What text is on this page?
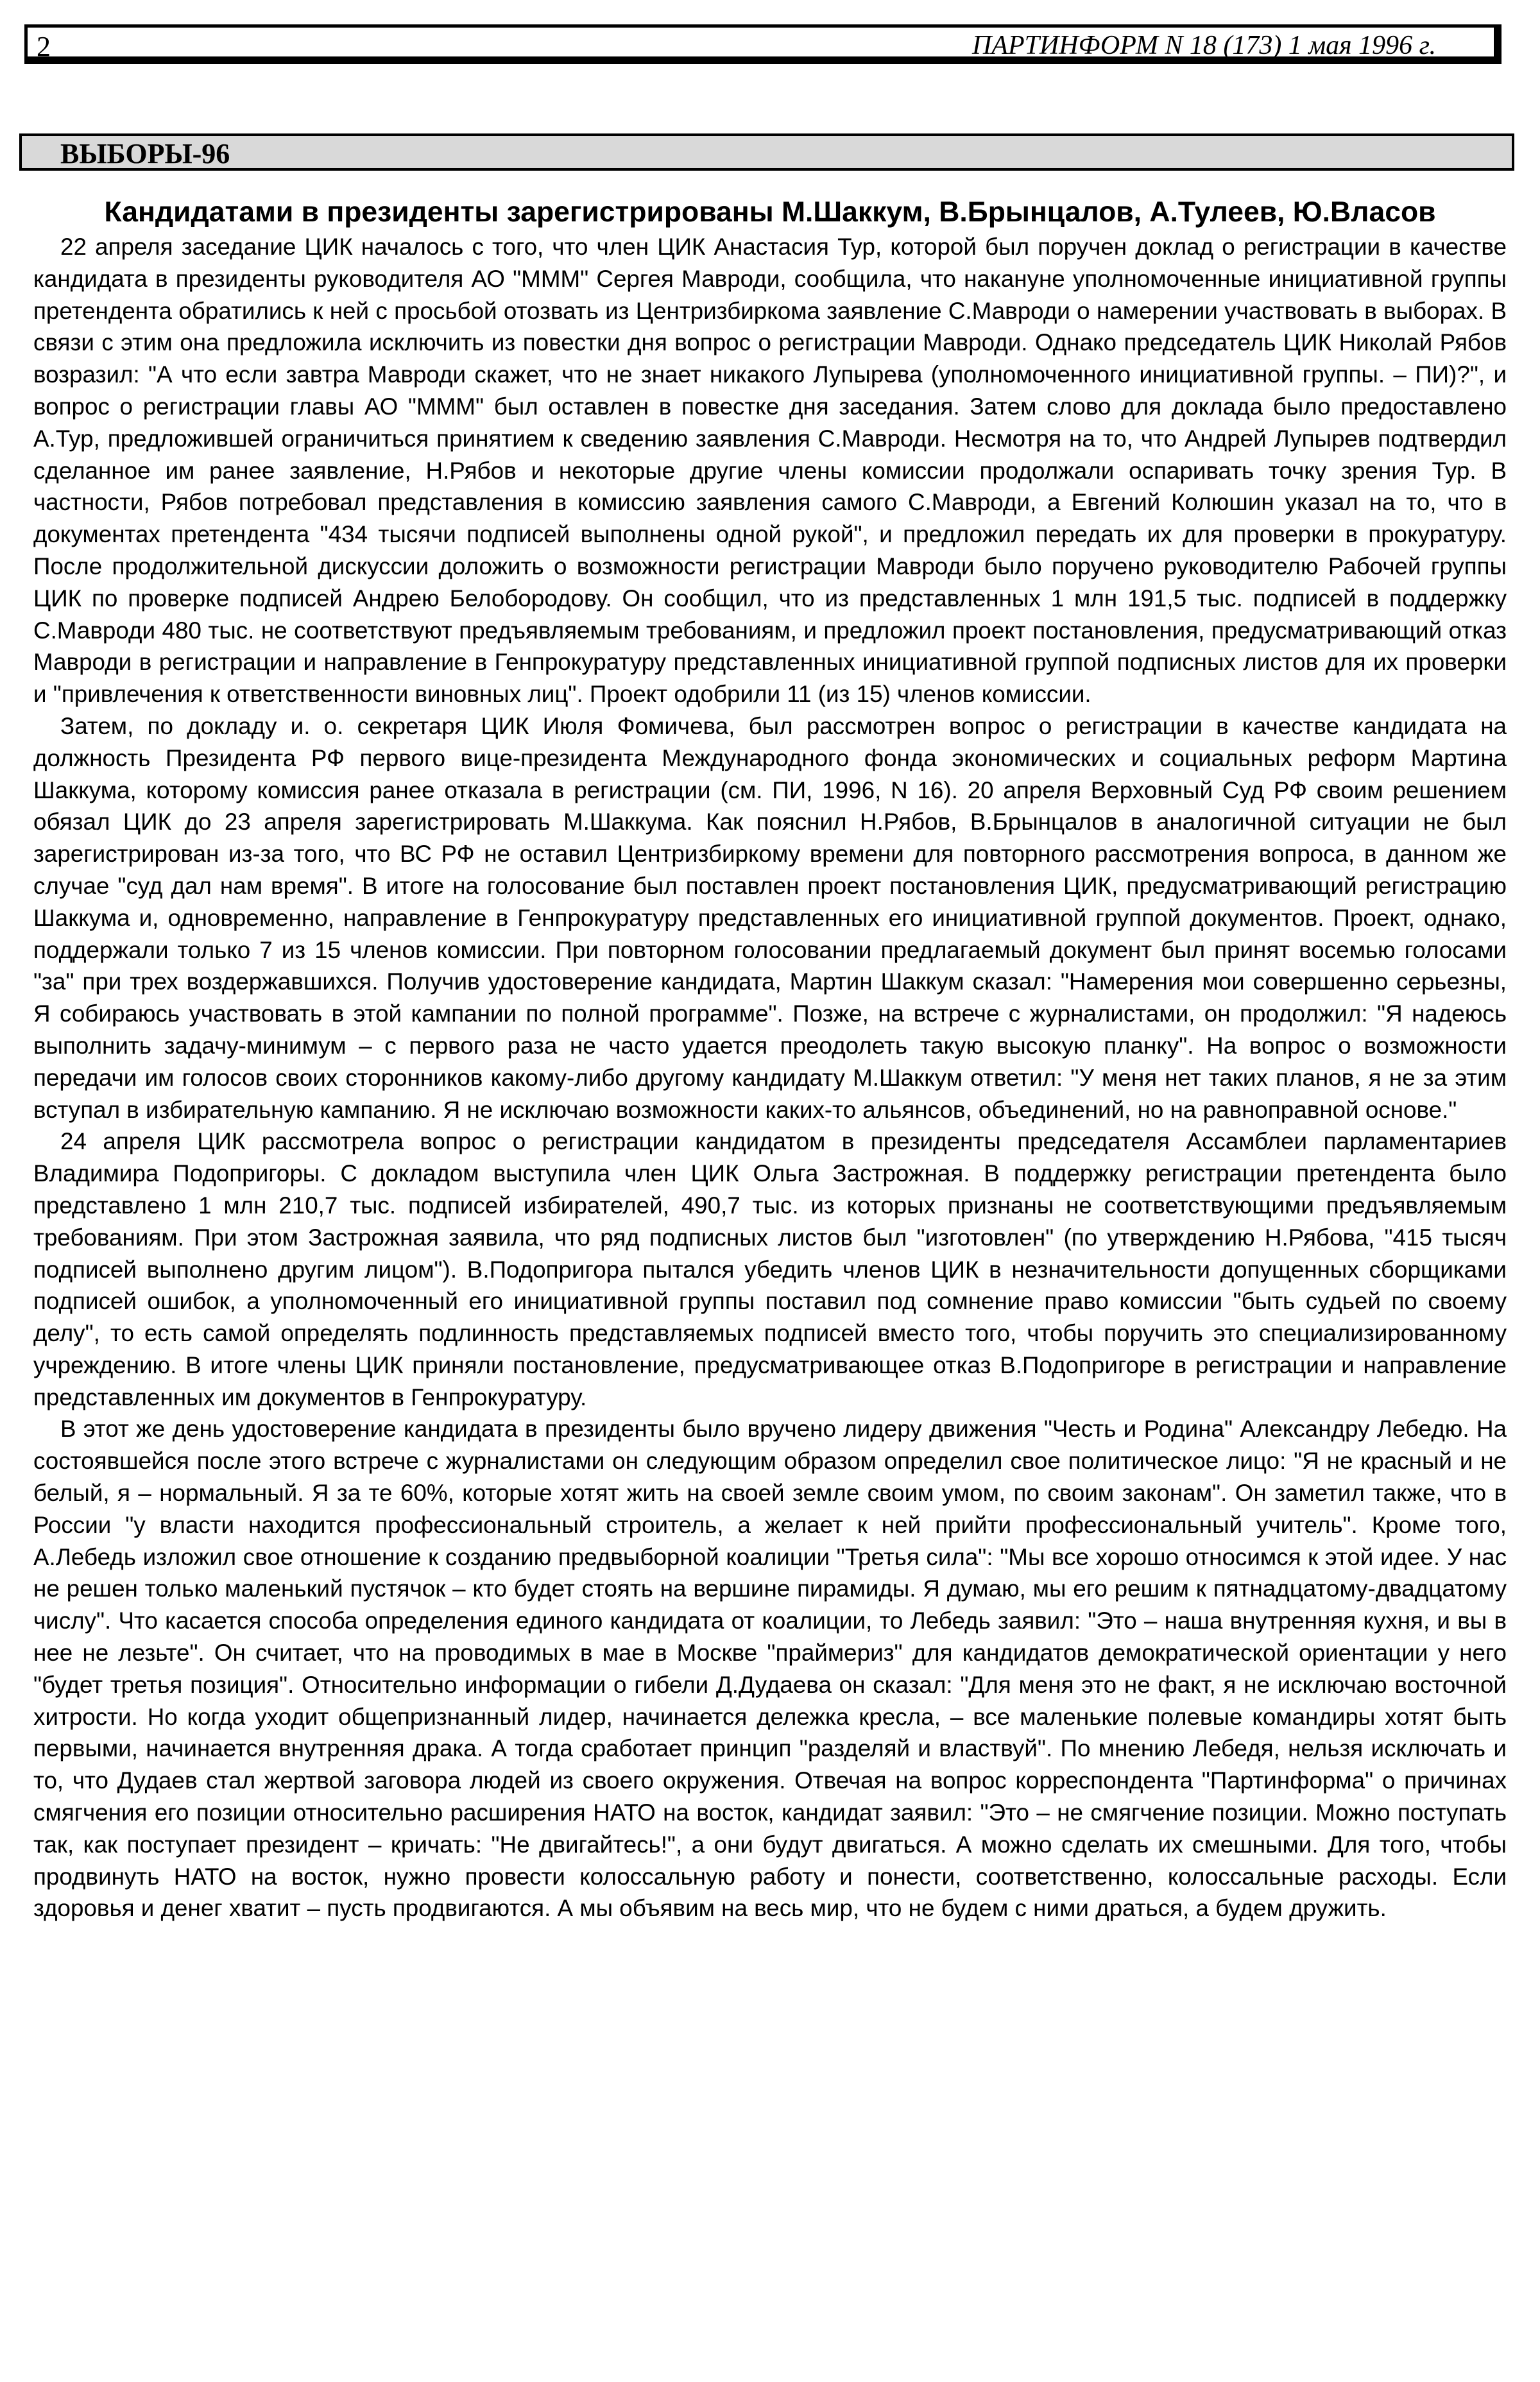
2	ПАРТИНФОРМ N 18 (173) 1 мая 1996 г.
ВЫБОРЫ-96
Кандидатами в президенты зарегистрированы М.Шаккум, В.Брынцалов, А.Тулеев, Ю.Власов

22 апреля заседание ЦИК началось с того, что член ЦИК Анастасия Тур, которой был поручен доклад о регистрации в качестве кандидата в президенты руководителя АО "МММ" Сергея Мавроди, сообщила, что накануне уполномоченные инициативной группы претендента обратились к ней с просьбой отозвать из Центризбиркома заявление С.Мавроди о намерении участвовать в выборах. В связи с этим она предложила исключить из повестки дня вопрос о регистрации Мавроди. Однако председатель ЦИК Николай Рябов возразил: "А что если завтра Мавроди скажет, что не знает никакого Лупырева (уполномоченного инициативной группы. – ПИ)?", и вопрос о регистрации главы АО "МММ" был оставлен в повестке дня заседания. Затем слово для доклада было предоставлено А.Тур, предложившей ограничиться принятием к сведению заявления С.Мавроди. Несмотря на то, что Андрей Лупырев подтвердил сделанное им ранее заявление, Н.Рябов и некоторые другие члены комиссии продолжали оспаривать точку зрения Тур. В частности, Рябов потребовал представления в комиссию заявления самого С.Мавроди, а Евгений Колюшин указал на то, что в документах претендента "434 тысячи подписей выполнены одной рукой", и предложил передать их для проверки в прокуратуру. После продолжительной дискуссии доложить о возможности регистрации Мавроди было поручено руководителю Рабочей группы ЦИК по проверке подписей Андрею Белобородову. Он сообщил, что из представленных 1 млн 191,5 тыс. подписей в поддержку С.Мавроди 480 тыс. не соответствуют предъявляемым требованиям, и предложил проект постановления, предусматривающий отказ Мавроди в регистрации и направление в Генпрокуратуру представленных инициативной группой подписных листов для их проверки и "привлечения к ответственности виновных лиц". Проект одобрили 11 (из 15) членов комиссии.

Затем, по докладу и. о. секретаря ЦИК Июля Фомичева, был рассмотрен вопрос о регистрации в качестве кандидата на должность Президента РФ первого вице-президента Международного фонда экономических и социальных реформ Мартина Шаккума, которому комиссия ранее отказала в регистрации (см. ПИ, 1996, N 16). 20 апреля Верховный Суд РФ своим решением обязал ЦИК до 23 апреля зарегистрировать М.Шаккума. Как пояснил Н.Рябов, В.Брынцалов в аналогичной ситуации не был зарегистрирован из-за того, что ВС РФ не оставил Центризбиркому времени для повторного рассмотрения вопроса, в данном же случае "суд дал нам время". В итоге на голосование был поставлен проект постановления ЦИК, предусматривающий регистрацию Шаккума и, одновременно, направление в Генпрокуратуру представленных его инициативной группой документов. Проект, однако, поддержали только 7 из 15 членов комиссии. При повторном голосовании предлагаемый документ был принят восемью голосами "за" при трех воздержавшихся. Получив удостоверение кандидата, Мартин Шаккум сказал: "Намерения мои совершенно серьезны, Я собираюсь участвовать в этой кампании по полной программе". Позже, на встрече с журналистами, он продолжил: "Я надеюсь выполнить задачу-минимум – с первого раза не часто удается преодолеть такую высокую планку". На вопрос о возможности передачи им голосов своих сторонников какому-либо другому кандидату М.Шаккум ответил: "У меня нет таких планов, я не за этим вступал в избирательную кампанию. Я не исключаю возможности каких-то альянсов, объединений, но на равноправной основе."

24 апреля ЦИК рассмотрела вопрос о регистрации кандидатом в президенты председателя Ассамблеи парламентариев Владимира Подопригоры. С докладом выступила член ЦИК Ольга Застрожная. В поддержку регистрации претендента было представлено 1 млн 210,7 тыс. подписей избирателей, 490,7 тыс. из которых признаны не соответствующими предъявляемым требованиям. При этом Застрожная заявила, что ряд подписных листов был "изготовлен" (по утверждению Н.Рябова, "415 тысяч подписей выполнено другим лицом"). В.Подопригора пытался убедить членов ЦИК в незначительности допущенных сборщиками подписей ошибок, а уполномоченный его инициативной группы поставил под сомнение право комиссии "быть судьей по своему делу", то есть самой определять подлинность представляемых подписей вместо того, чтобы поручить это специализированному учреждению. В итоге члены ЦИК приняли постановление, предусматривающее отказ В.Подопригоре в регистрации и направление представленных им документов в Генпрокуратуру.

В этот же день удостоверение кандидата в президенты было вручено лидеру движения "Честь и Родина" Александру Лебедю. На состоявшейся после этого встрече с журналистами он следующим образом определил свое политическое лицо: "Я не красный и не белый, я – нормальный. Я за те 60%, которые хотят жить на своей земле своим умом, по своим законам". Он заметил также, что в России "у власти находится профессиональный строитель, а желает к ней прийти профессиональный учитель". Кроме того, А.Лебедь изложил свое отношение к созданию предвыборной коалиции "Третья сила": "Мы все хорошо относимся к этой идее. У нас не решен только маленький пустячок – кто будет стоять на вершине пирамиды. Я думаю, мы его решим к пятнадцатому-двадцатому числу". Что касается способа определения единого кандидата от коалиции, то Лебедь заявил: "Это – наша внутренняя кухня, и вы в нее не лезьте". Он считает, что на проводимых в мае в Москве "праймериз" для кандидатов демократической ориентации у него "будет третья позиция". Относительно информации о гибели Д.Дудаева он сказал: "Для меня это не факт, я не исключаю восточной хитрости. Но когда уходит общепризнанный лидер, начинается дележка кресла, – все маленькие полевые командиры хотят быть первыми, начинается внутренняя драка. А тогда сработает принцип "разделяй и властвуй". По мнению Лебедя, нельзя исключать и то, что Дудаев стал жертвой заговора людей из своего окружения. Отвечая на вопрос корреспондента "Партинформа" о причинах смягчения его позиции относительно расширения НАТО на восток, кандидат заявил: "Это – не смягчение позиции. Можно поступать так, как поступает президент – кричать: "Не двигайтесь!", а они будут двигаться. А можно сделать их смешными. Для того, чтобы продвинуть НАТО на восток, нужно провести колоссальную работу и понести, соответственно, колоссальные расходы. Если здоровья и денег хватит – пусть продвигаются. А мы объявим на весь мир, что не будем с ними драться, а будем дружить.
